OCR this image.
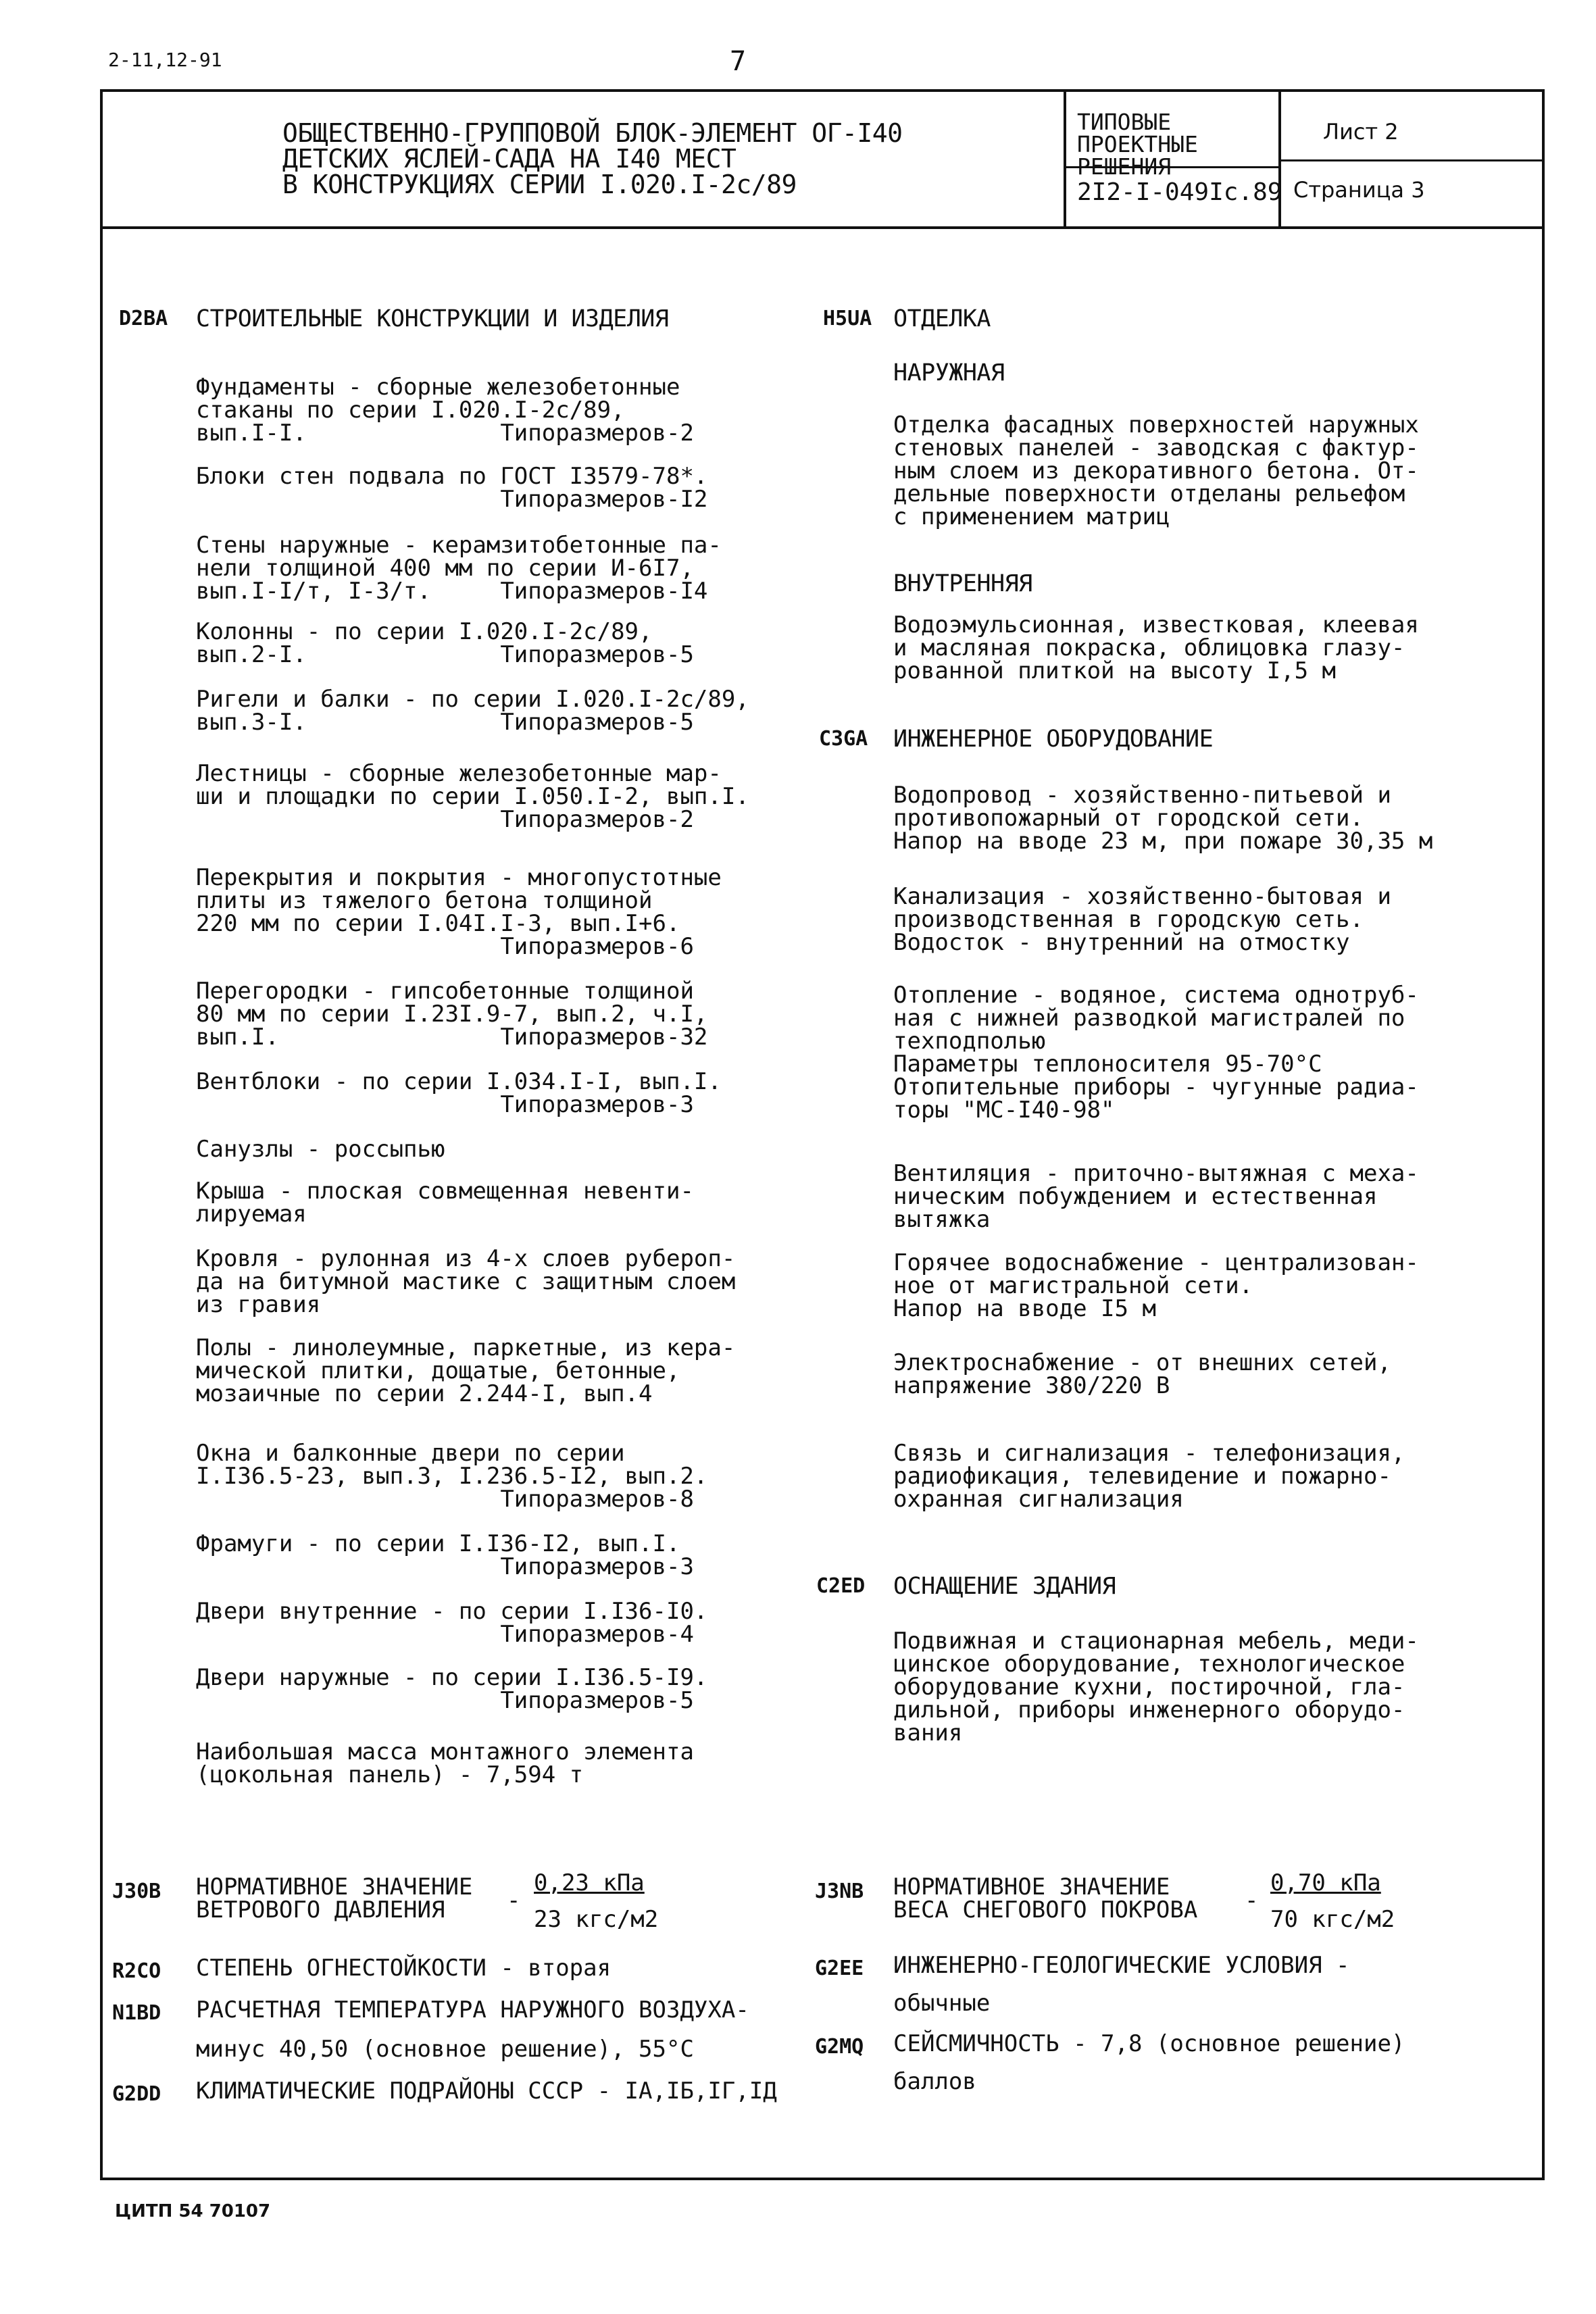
2-11,12-91	7
ОБЩЕСТВЕННО-ГРУППОВОЙ БЛОК-ЭЛЕМЕНТ ОГ-I40
ДЕТСКИХ ЯСЛЕЙ-САДА НА I40 МЕСТ
В КОНСТРУКЦИЯХ СЕРИИ I.020.I-2с/89
ТИПОВЫЕ
ПРОЕКТНЫЕ
РЕШЕНИЯ
2I2-I-049Iс.89
Лист 2
Страница 3
D2BA СТРОИТЕЛЬНЫЕ КОНСТРУКЦИИ И ИЗДЕЛИЯ
Фундаменты - сборные железобетонные
стаканы по серии I.020.I-2с/89,
вып.I-I.              Типоразмеров-2
Блоки стен подвала по ГОСТ I3579-78*.
Типоразмеров-I2
Стены наружные - керамзитобетонные па-
нели толщиной 400 мм по серии И-6I7,
вып.I-I/т, I-3/т.     Типоразмеров-I4
Колонны - по серии I.020.I-2с/89,
вып.2-I.              Типоразмеров-5
Ригели и балки - по серии I.020.I-2с/89,
вып.3-I.              Типоразмеров-5
Лестницы - сборные железобетонные мар-
ши и площадки по серии I.050.I-2, вып.I.
Типоразмеров-2
Перекрытия и покрытия - многопустотные
плиты из тяжелого бетона толщиной
220 мм по серии I.04I.I-3, вып.I+6.
Типоразмеров-6
Перегородки - гипсобетонные толщиной
80 мм по серии I.23I.9-7, вып.2, ч.I,
вып.I.                Типоразмеров-32
Вентблоки - по серии I.034.I-I, вып.I.
Типоразмеров-3
Санузлы - россыпью
Крыша - плоская совмещенная невенти-
лируемая
Кровля - рулонная из 4-х слоев рубероп-
да на битумной мастике с защитным слоем
из гравия
Полы - линолеумные, паркетные, из кера-
мической плитки, дощатые, бетонные,
мозаичные по серии 2.244-I, вып.4
Окна и балконные двери по серии
I.I36.5-23, вып.3, I.236.5-I2, вып.2.
Типоразмеров-8
Фрамуги - по серии I.I36-I2, вып.I.
Типоразмеров-3
Двери внутренние - по серии I.I36-I0.
Типоразмеров-4
Двери наружные - по серии I.I36.5-I9.
Типоразмеров-5
Наибольшая масса монтажного элемента
(цокольная панель) - 7,594 т
H5UA ОТДЕЛКА
НАРУЖНАЯ
Отделка фасадных поверхностей наружных
стеновых панелей - заводская с фактур-
ным слоем из декоративного бетона. От-
дельные поверхности отделаны рельефом
с применением матриц
ВНУТРЕННЯЯ
Водоэмульсионная, известковая, клеевая
и масляная покраска, облицовка глазу-
рованной плиткой на высоту I,5 м
C3GA ИНЖЕНЕРНОЕ ОБОРУДОВАНИЕ
Водопровод - хозяйственно-питьевой и
противопожарный от городской сети.
Напор на вводе 23 м, при пожаре 30,35 м
Канализация - хозяйственно-бытовая и
производственная в городскую сеть.
Водосток - внутренний на отмостку
Отопление - водяное, система однотруб-
ная с нижней разводкой магистралей по
техподполью
Параметры теплоносителя 95-70°С
Отопительные приборы - чугунные радиа-
торы "МС-I40-98"
Вентиляция - приточно-вытяжная с меха-
ническим побуждением и естественная
вытяжка
Горячее водоснабжение - централизован-
ное от магистральной сети.
Напор на вводе I5 м
Электроснабжение - от внешних сетей,
напряжение 380/220 В
Связь и сигнализация - телефонизация,
радиофикация, телевидение и пожарно-
охранная сигнализация
C2ED ОСНАЩЕНИЕ ЗДАНИЯ
Подвижная и стационарная мебель, меди-
цинское оборудование, технологическое
оборудование кухни, постирочной, гла-
дильной, приборы инженерного оборудо-
вания
J30B НОРМАТИВНОЕ ЗНАЧЕНИЕ
ВЕТРОВОГО ДАВЛЕНИЯ	-
0,23 кПа
23 кгс/м2
J3NB НОРМАТИВНОЕ ЗНАЧЕНИЕ
ВЕСА СНЕГОВОГО ПОКРОВА -
0,70 кПа
70 кгс/м2
R2CO СТЕПЕНЬ ОГНЕСТОЙКОСТИ - вторая
N1BD РАСЧЕТНАЯ ТЕМПЕРАТУРА НАРУЖНОГО ВОЗДУХА-
минус 40,50 (основное решение), 55°С
G2DD КЛИМАТИЧЕСКИЕ ПОДРАЙОНЫ СССР - IA,IБ,IГ,IД
G2EE ИНЖЕНЕРНО-ГЕОЛОГИЧЕСКИЕ УСЛОВИЯ -
обычные
G2MQ СЕЙСМИЧНОСТЬ - 7,8 (основное решение)
баллов
ЦИТП 54 70107
